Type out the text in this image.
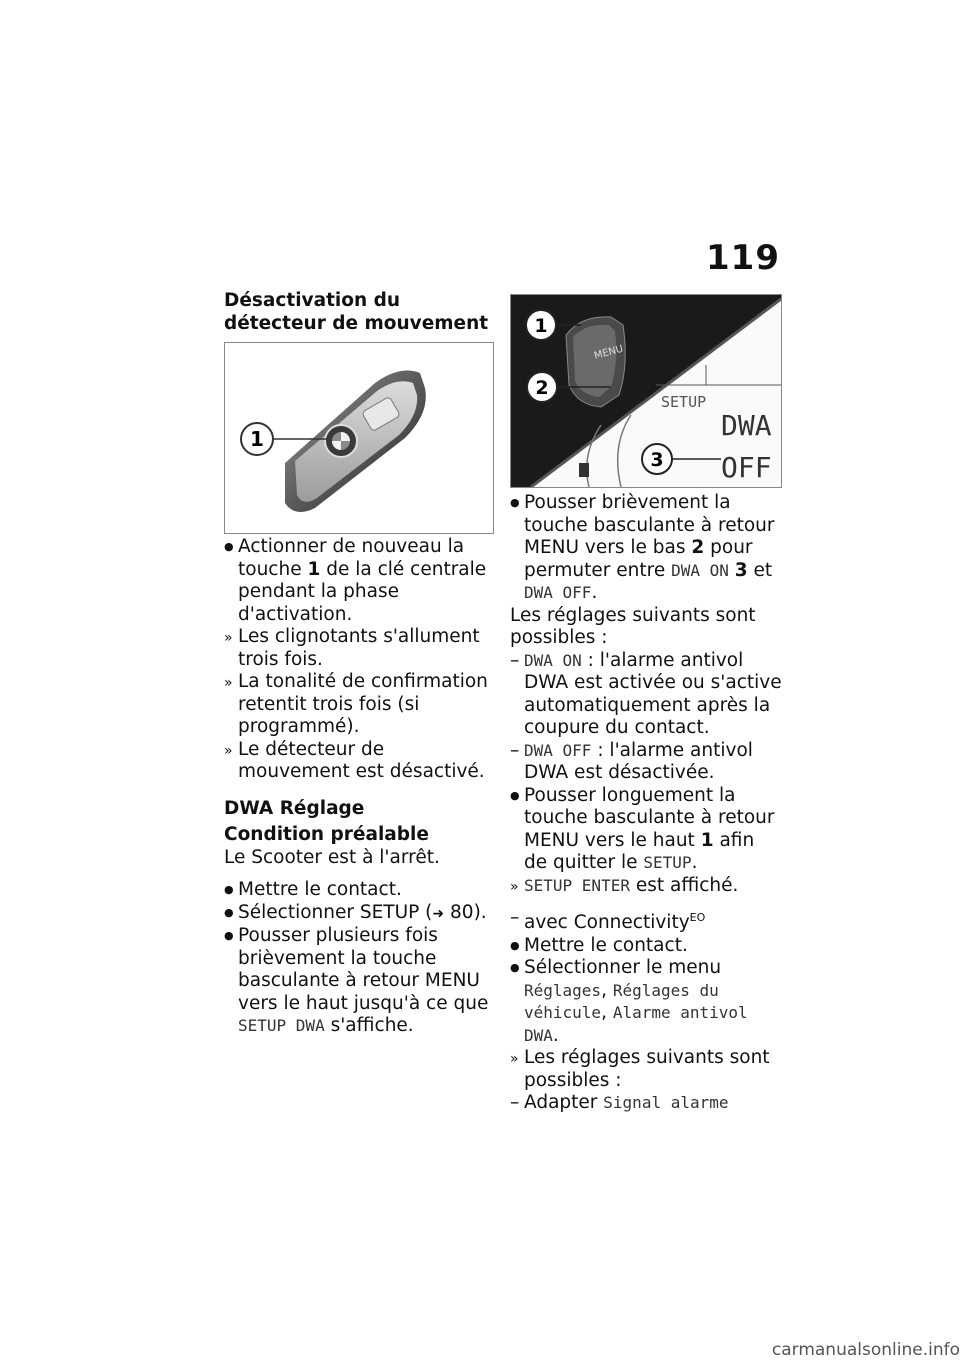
119

Désactivation du détecteur de mouvement

1
●
Actionner de nouveau la touche 1 de la clé centrale pendant la phase d'activation.
»
Les clignotants s'allument trois fois.
»
La tonalité de confirmation retentit trois fois (si programmé).
»
Le détecteur de mouvement est désactivé.

DWA Réglage

Condition préalable

Le Scooter est à l'arrêt.

●
Mettre le contact.
●
Sélectionner SETUP (➜ 80).
●
Pousser plusieurs fois brièvement la touche basculante à retour MENU vers le haut jusqu'à ce que SETUP DWA s'affiche.
MENU
SETUP
DWA
OFF
1
2
3
●
Pousser brièvement la touche basculante à retour MENU vers le bas 2 pour permuter entre DWA ON 3 et DWA OFF.

Les réglages suivants sont possibles :

–
DWA ON : l'alarme antivol DWA est activée ou s'active automatiquement après la coupure du contact.
–
DWA OFF : l'alarme antivol DWA est désactivée.
●
Pousser longuement la touche basculante à retour MENU vers le haut 1 afin de quitter le SETUP.
»
SETUP ENTER est affiché.
–
avec Connectivity$^{EO}$
●
Mettre le contact.
●
Sélectionner le menu Réglages, Réglages du véhicule, Alarme antivol DWA.
»
Les réglages suivants sont possibles :
–
Adapter Signal alarme
carmanualsonline.info
